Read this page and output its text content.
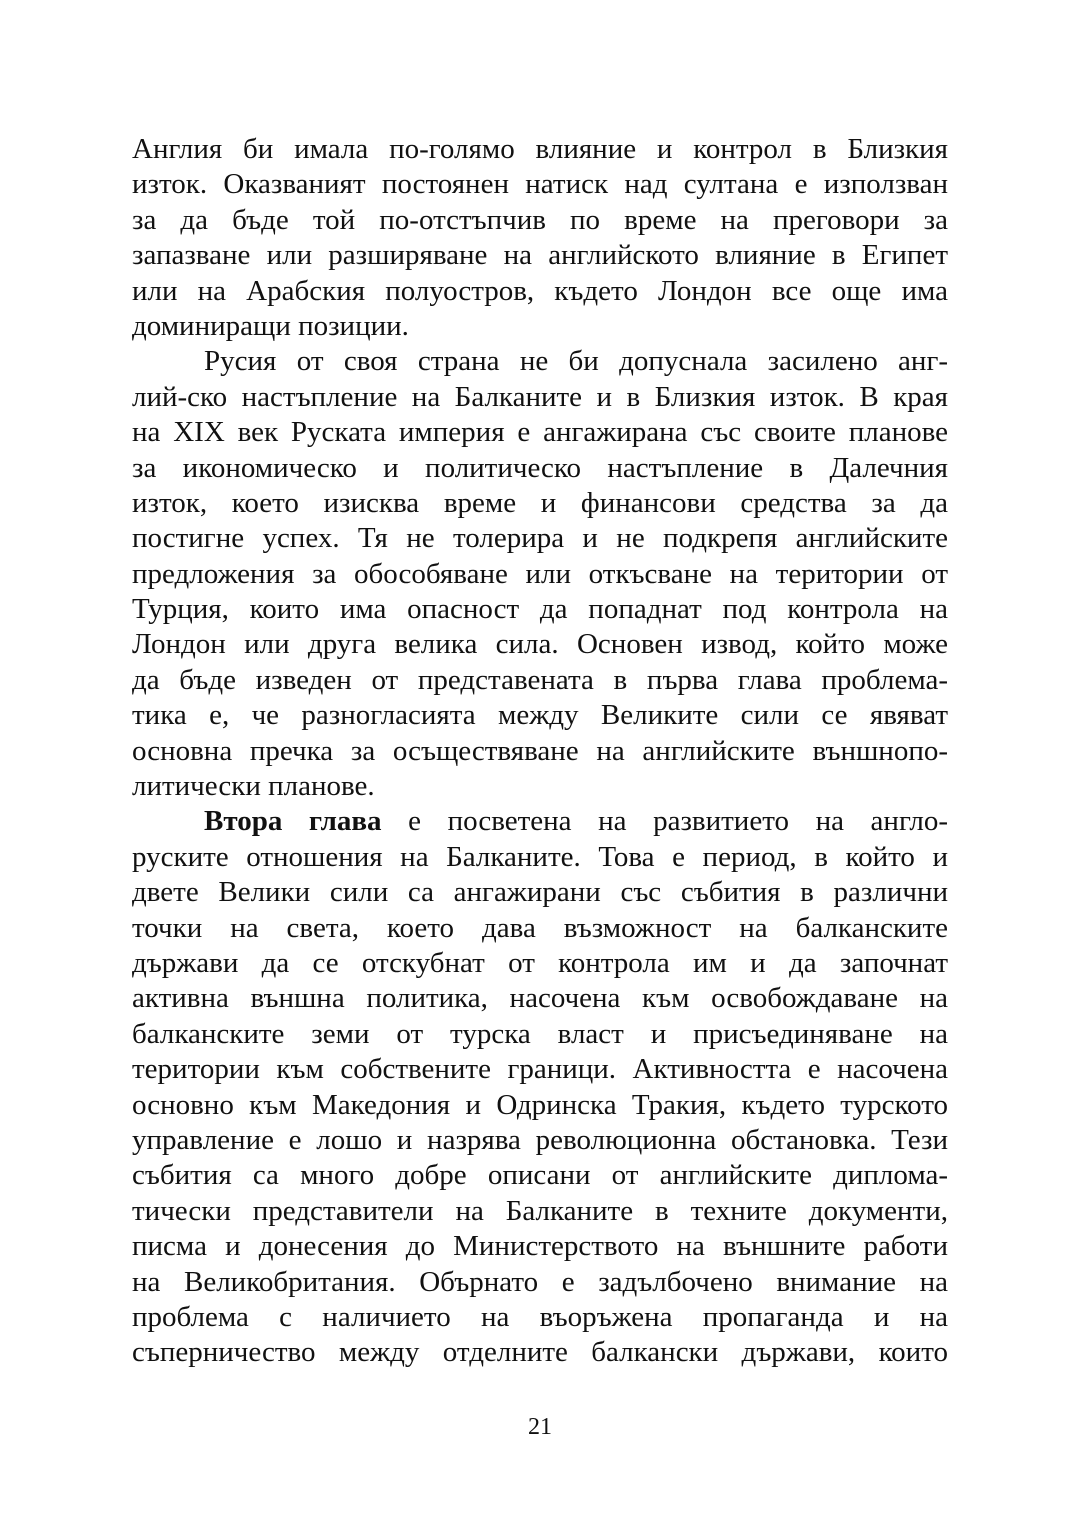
Англия би имала по-голямо влияние и контрол в Близкия
изток. Оказваният постоянен натиск над султана е използван
за да бъде той по-отстъпчив по време на преговори за
запазване или разширяване на английското влияние в Египет
или на Арабския полуостров, където Лондон все още има
доминиращи позиции.
Русия от своя страна не би допуснала засилено анг-
лий-ско настъпление на Балканите и в Близкия изток. В края
на XIX век Руската империя е ангажирана със своите планове
за икономическо и политическо настъпление в Далечния
изток, което изисква време и финансови средства за да
постигне успех. Тя не толерира и не подкрепя английските
предложения за обособяване или откъсване на територии от
Турция, които има опасност да попаднат под контрола на
Лондон или друга велика сила. Основен извод, който може
да бъде изведен от представената в първа глава проблема-
тика е, че разногласията между Великите сили се явяват
основна пречка за осъществяване на английските външнопо-
литически планове.
Втора глава е посветена на развитието на англо-
руските отношения на Балканите. Това е период, в който и
двете Велики сили са ангажирани със събития в различни
точки на света, което дава възможност на балканските
държави да се отскубнат от контрола им и да започнат
активна външна политика, насочена към освобождаване на
балканските земи от турска власт и присъединяване на
територии към собствените граници. Активността е насочена
основно към Македония и Одринска Тракия, където турското
управление е лошо и назрява революционна обстановка. Тези
събития са много добре описани от английските диплома-
тически представители на Балканите в техните документи,
писма и донесения до Министерството на външните работи
на Великобритания. Обърнато е задълбочено внимание на
проблема с наличието на въоръжена пропаганда и на
съперничество между отделните балкански държави, които
21
